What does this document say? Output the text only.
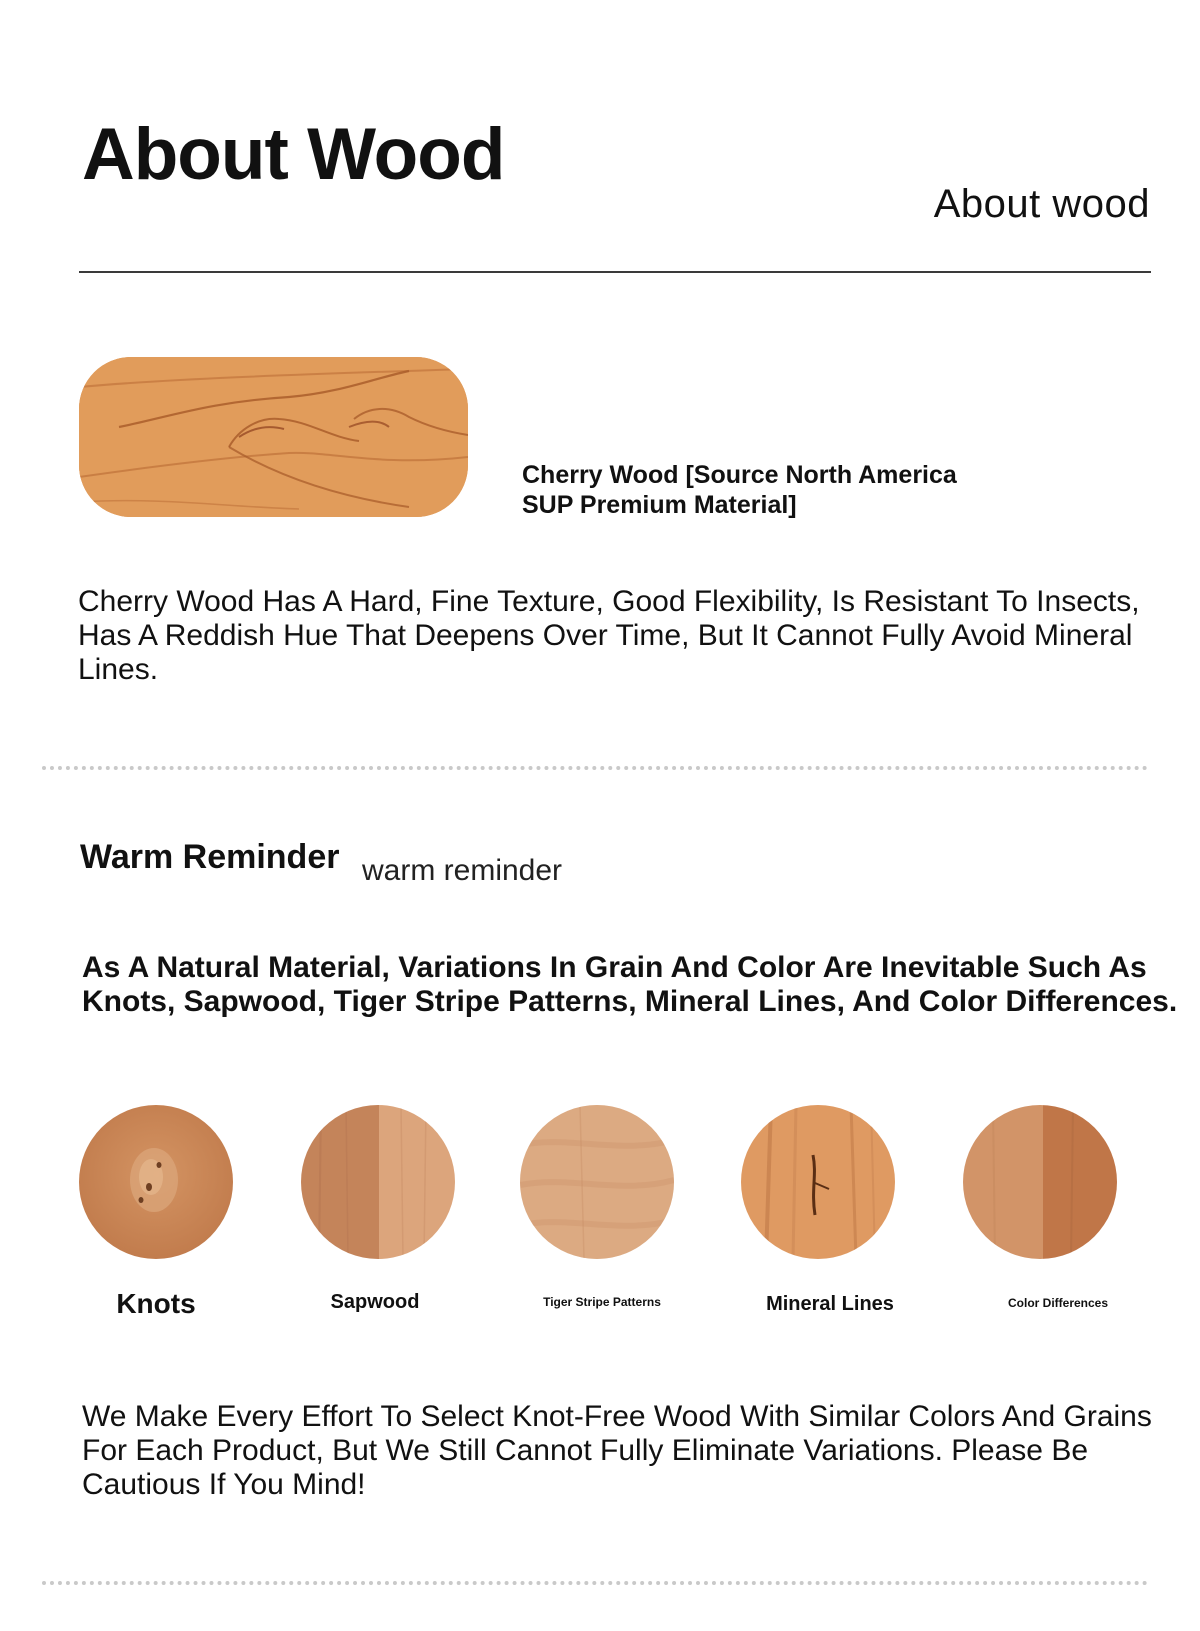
About Wood
About wood
Cherry Wood [Source North America
SUP Premium Material]
Cherry Wood Has A Hard, Fine Texture, Good Flexibility, Is Resistant To Insects, Has A Reddish Hue That Deepens Over Time, But It Cannot Fully Avoid Mineral Lines.
Warm Reminder warm reminder
As A Natural Material, Variations In Grain And Color Are Inevitable Such As
Knots, Sapwood, Tiger Stripe Patterns, Mineral Lines, And Color Differences.
Knots	Sapwood	Tiger Stripe Patterns	Mineral Lines	Color Differences
We Make Every Effort To Select Knot-Free Wood With Similar Colors And Grains For Each Product, But We Still Cannot Fully Eliminate Variations. Please Be Cautious If You Mind!
